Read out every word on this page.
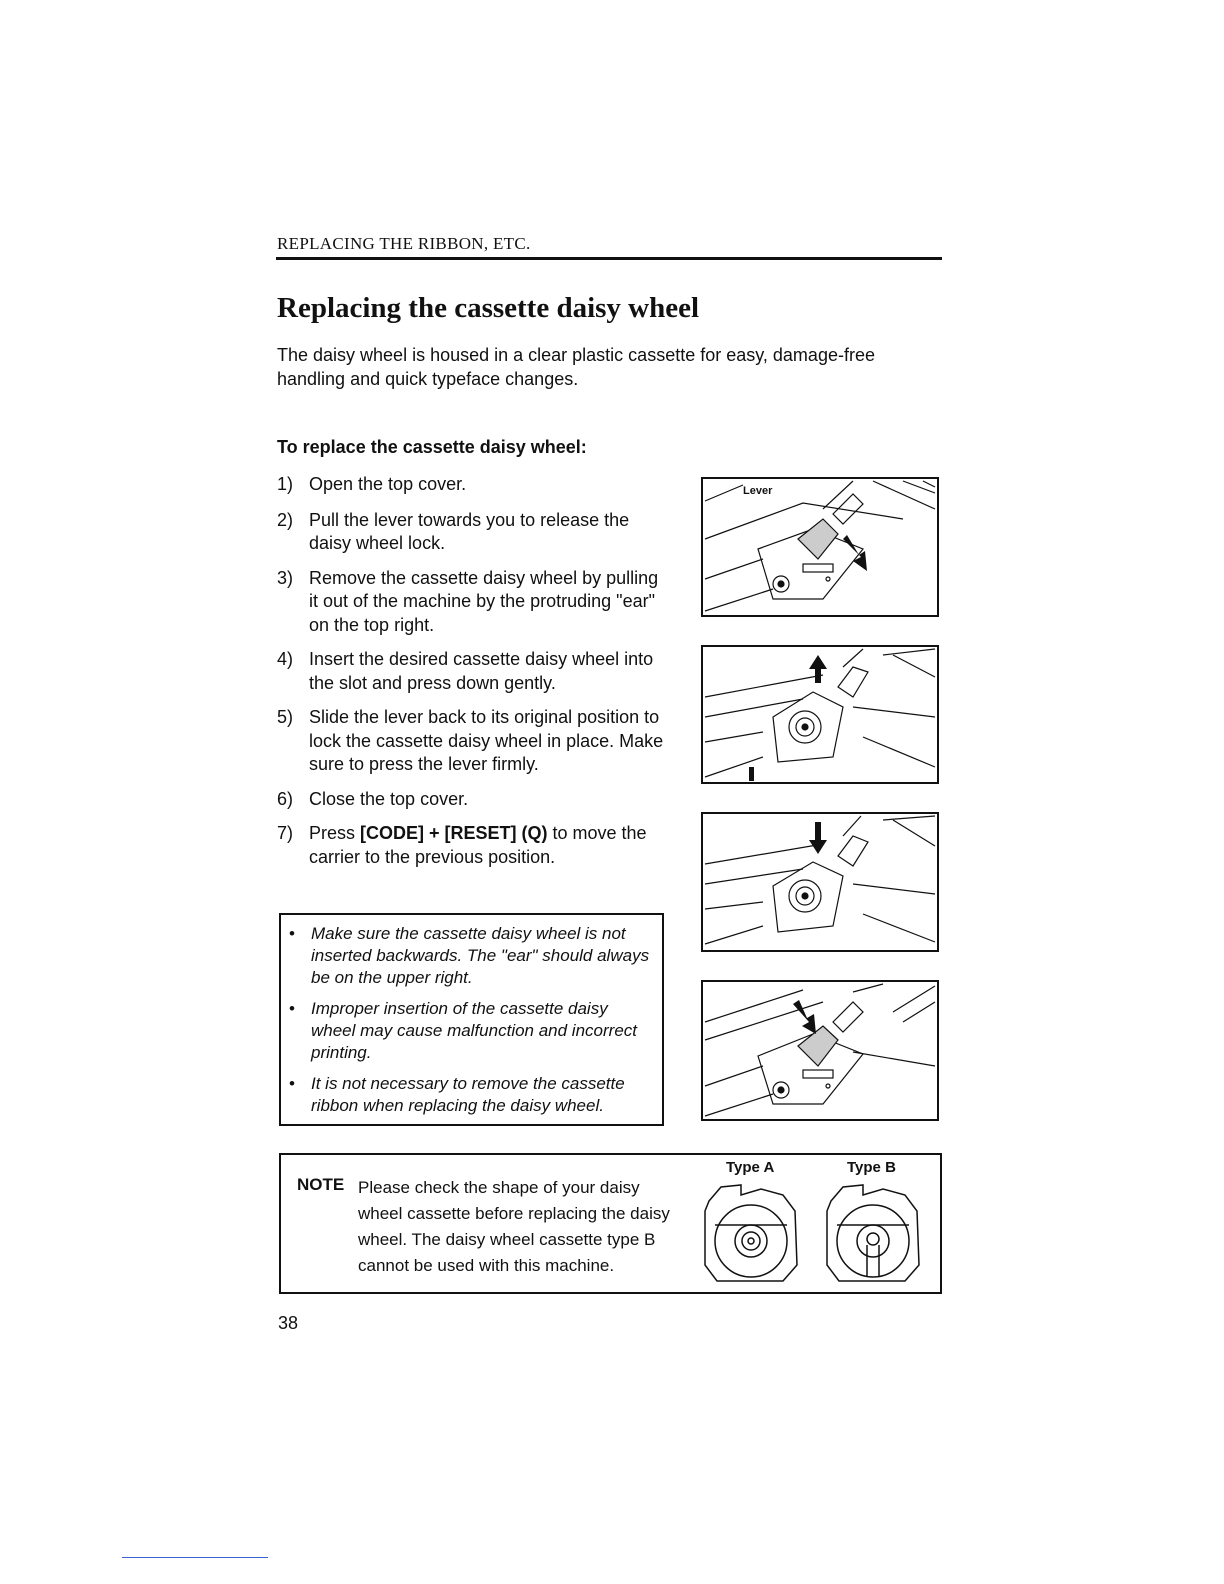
REPLACING THE RIBBON, ETC.
Replacing the cassette daisy wheel

The daisy wheel is housed in a clear plastic cassette for easy, damage-free handling and quick typeface changes.

To replace the cassette daisy wheel:
1) Open the top cover.
2) Pull the lever towards you to release the daisy wheel lock.
3) Remove the cassette daisy wheel by pulling it out of the machine by the protruding "ear" on the top right.
4) Insert the desired cassette daisy wheel into the slot and press down gently.
5) Slide the lever back to its original position to lock the cassette daisy wheel in place. Make sure to press the lever firmly.
6) Close the top cover.
7) Press [CODE] + [RESET] (Q) to move the carrier to the previous position.
• Make sure the cassette daisy wheel is not inserted backwards. The "ear" should always be on the upper right.
• Improper insertion of the cassette daisy wheel may cause malfunction and incorrect printing.
• It is not necessary to remove the cassette ribbon when replacing the daisy wheel.
Lever
NOTE Please check the shape of your daisy wheel cassette before replacing the daisy wheel. The daisy wheel cassette type B cannot be used with this machine.

Type A	Type B
38
